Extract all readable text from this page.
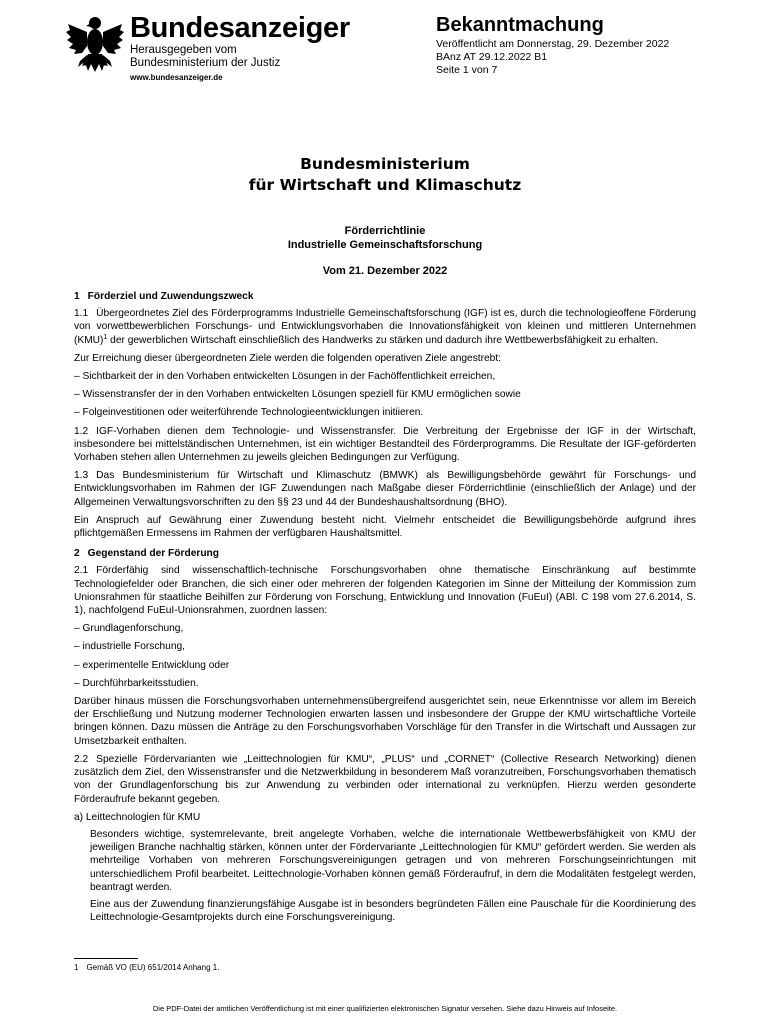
Bundesanzeiger
Herausgegeben vom
Bundesministerium der Justiz
www.bundesanzeiger.de
Bekanntmachung
Veröffentlicht am Donnerstag, 29. Dezember 2022
BAnz AT 29.12.2022 B1
Seite 1 von 7
Bundesministerium
für Wirtschaft und Klimaschutz
Förderrichtlinie
Industrielle Gemeinschaftsforschung
Vom 21. Dezember 2022
1 Förderziel und Zuwendungszweck

1.1 Übergeordnetes Ziel des Förderprogramms Industrielle Gemeinschaftsforschung (IGF) ist es, durch die technologieoffene Förderung von vorwettbewerblichen Forschungs- und Entwicklungsvorhaben die Innovationsfähigkeit von kleinen und mittleren Unternehmen (KMU)$^1$ der gewerblichen Wirtschaft einschließlich des Handwerks zu stärken und dadurch ihre Wettbewerbsfähigkeit zu erhalten.

Zur Erreichung dieser übergeordneten Ziele werden die folgenden operativen Ziele angestrebt:

– Sichtbarkeit der in den Vorhaben entwickelten Lösungen in der Fachöffentlichkeit erreichen,
– Wissenstransfer der in den Vorhaben entwickelten Lösungen speziell für KMU ermöglichen sowie
– Folgeinvestitionen oder weiterführende Technologieentwicklungen initiieren.

1.2 IGF-Vorhaben dienen dem Technologie- und Wissenstransfer. Die Verbreitung der Ergebnisse der IGF in der Wirtschaft, insbesondere bei mittelständischen Unternehmen, ist ein wichtiger Bestandteil des Förderprogramms. Die Resultate der IGF-geförderten Vorhaben stehen allen Unternehmen zu jeweils gleichen Bedingungen zur Verfügung.

1.3 Das Bundesministerium für Wirtschaft und Klimaschutz (BMWK) als Bewilligungsbehörde gewährt für Forschungs- und Entwicklungsvorhaben im Rahmen der IGF Zuwendungen nach Maßgabe dieser Förderrichtlinie (einschließlich der Anlage) und der Allgemeinen Verwaltungsvorschriften zu den §§ 23 und 44 der Bundeshaushaltsordnung (BHO).

Ein Anspruch auf Gewährung einer Zuwendung besteht nicht. Vielmehr entscheidet die Bewilligungsbehörde aufgrund ihres pflichtgemäßen Ermessens im Rahmen der verfügbaren Haushaltsmittel.

2 Gegenstand der Förderung

2.1 Förderfähig sind wissenschaftlich-technische Forschungsvorhaben ohne thematische Einschränkung auf bestimmte Technologiefelder oder Branchen, die sich einer oder mehreren der folgenden Kategorien im Sinne der Mitteilung der Kommission zum Unionsrahmen für staatliche Beihilfen zur Förderung von Forschung, Entwicklung und Innovation (FuEuI) (ABl. C 198 vom 27.6.2014, S. 1), nachfolgend FuEuI-Unionsrahmen, zuordnen lassen:

– Grundlagenforschung,
– industrielle Forschung,
– experimentelle Entwicklung oder
– Durchführbarkeitsstudien.

Darüber hinaus müssen die Forschungsvorhaben unternehmensübergreifend ausgerichtet sein, neue Erkenntnisse vor allem im Bereich der Erschließung und Nutzung moderner Technologien erwarten lassen und insbesondere der Gruppe der KMU wirtschaftliche Vorteile bringen können. Dazu müssen die Anträge zu den Forschungsvorhaben Vorschläge für den Transfer in die Wirtschaft und Aussagen zur Umsetzbarkeit enthalten.

2.2 Spezielle Fördervarianten wie „Leittechnologien für KMU“, „PLUS“ und „CORNET“ (Collective Research Networking) dienen zusätzlich dem Ziel, den Wissenstransfer und die Netzwerkbildung in besonderem Maß voranzutreiben, Forschungsvorhaben thematisch von der Grundlagenforschung bis zur Anwendung zu verbinden oder international zu verknüpfen. Hierzu werden gesonderte Förderaufrufe bekannt gegeben.

a) Leittechnologien für KMU

Besonders wichtige, systemrelevante, breit angelegte Vorhaben, welche die internationale Wettbewerbsfähigkeit von KMU der jeweiligen Branche nachhaltig stärken, können unter der Fördervariante „Leittechnologien für KMU“ gefördert werden. Sie werden als mehrteilige Vorhaben von mehreren Forschungsvereinigungen getragen und von mehreren Forschungseinrichtungen mit unterschiedlichem Profil bearbeitet. Leittechnologie-Vorhaben können gemäß Förderaufruf, in dem die Modalitäten festgelegt werden, beantragt werden.

Eine aus der Zuwendung finanzierungsfähige Ausgabe ist in besonders begründeten Fällen eine Pauschale für die Koordinierung des Leittechnologie-Gesamtprojekts durch eine Forschungsvereinigung.

1 Gemäß VO (EU) 651/2014 Anhang 1.
Die PDF-Datei der amtlichen Veröffentlichung ist mit einer qualifizierten elektronischen Signatur versehen. Siehe dazu Hinweis auf Infoseite.
